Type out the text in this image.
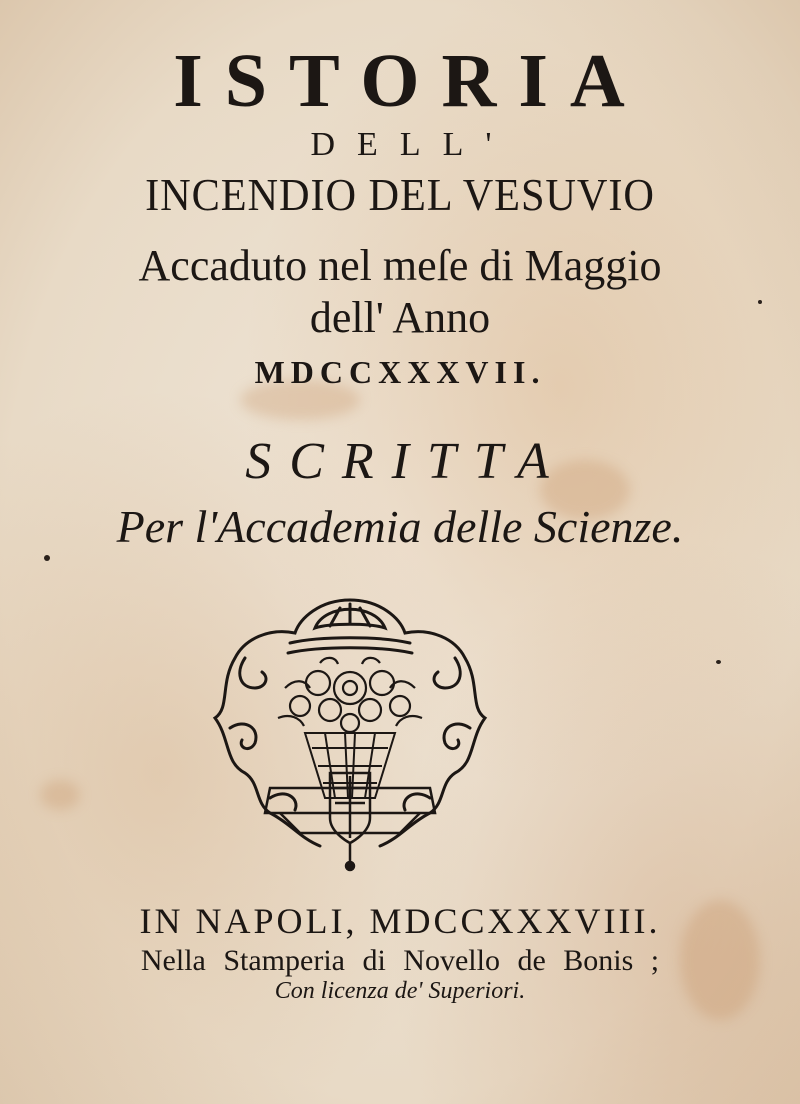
ISTORIA
DELL'
INCENDIO DEL VESUVIO
Accaduto nel meſe di Maggio
dell' Anno
MDCCXXXVII.
SCRITTA
Per l'Accademia delle Scienze.
IN NAPOLI, MDCCXXXVIII.
Nella Stamperia di Novello de Bonis ;
Con licenza de' Superiori.
